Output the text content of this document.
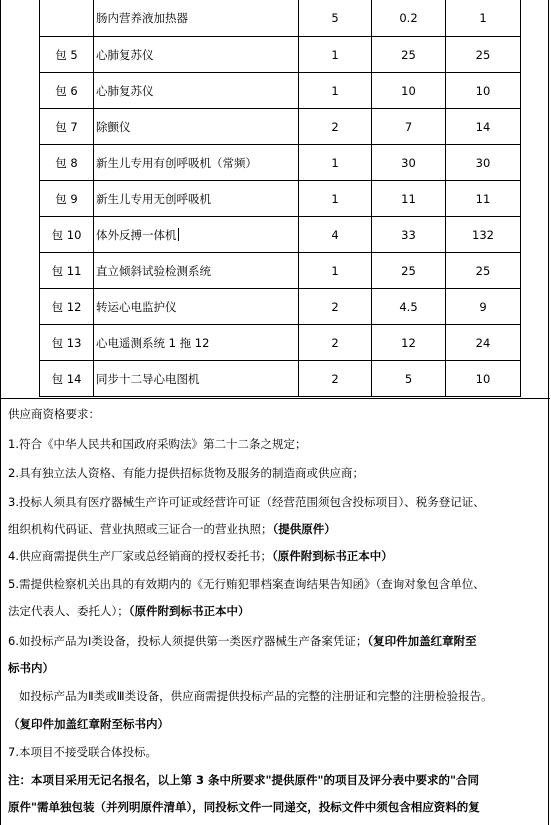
	肠内营养液加热器	5	0.2	1
包 5	心肺复苏仪	1	25	25
包 6	心肺复苏仪	1	10	10
包 7	除颤仪	2	7	14
包 8	新生儿专用有创呼吸机（常频）	1	30	30
包 9	新生儿专用无创呼吸机	1	11	11
包 10	体外反搏一体机	4	33	132
包 11	直立倾斜试验检测系统	1	25	25
包 12	转运心电监护仪	2	4.5	9
包 13	心电遥测系统 1 拖 12	2	12	24
包 14	同步十二导心电图机	2	5	10
供应商资格要求：
1.符合《中华人民共和国政府采购法》第二十二条之规定；
2.具有独立法人资格、有能力提供招标货物及服务的制造商或供应商；
3.投标人须具有医疗器械生产许可证或经营许可证（经营范围须包含投标项目）、税务登记证、
组织机构代码证、营业执照或三证合一的营业执照；（提供原件）
4.供应商需提供生产厂家或总经销商的授权委托书；（原件附到标书正本中）
5.需提供检察机关出具的有效期内的《无行贿犯罪档案查询结果告知函》（查询对象包含单位、
法定代表人、委托人）；（原件附到标书正本中）
6.如投标产品为Ⅰ类设备，投标人须提供第一类医疗器械生产备案凭证；（复印件加盖红章附至
标书内）
如投标产品为Ⅱ类或Ⅲ类设备，供应商需提供投标产品的完整的注册证和完整的注册检验报告。
（复印件加盖红章附至标书内）
7.本项目不接受联合体投标。
注：本项目采用无记名报名，以上第 3 条中所要求"提供原件"的项目及评分表中要求的"合同
原件"需单独包装（并列明原件清单），同投标文件一同递交，投标文件中须包含相应资料的复
